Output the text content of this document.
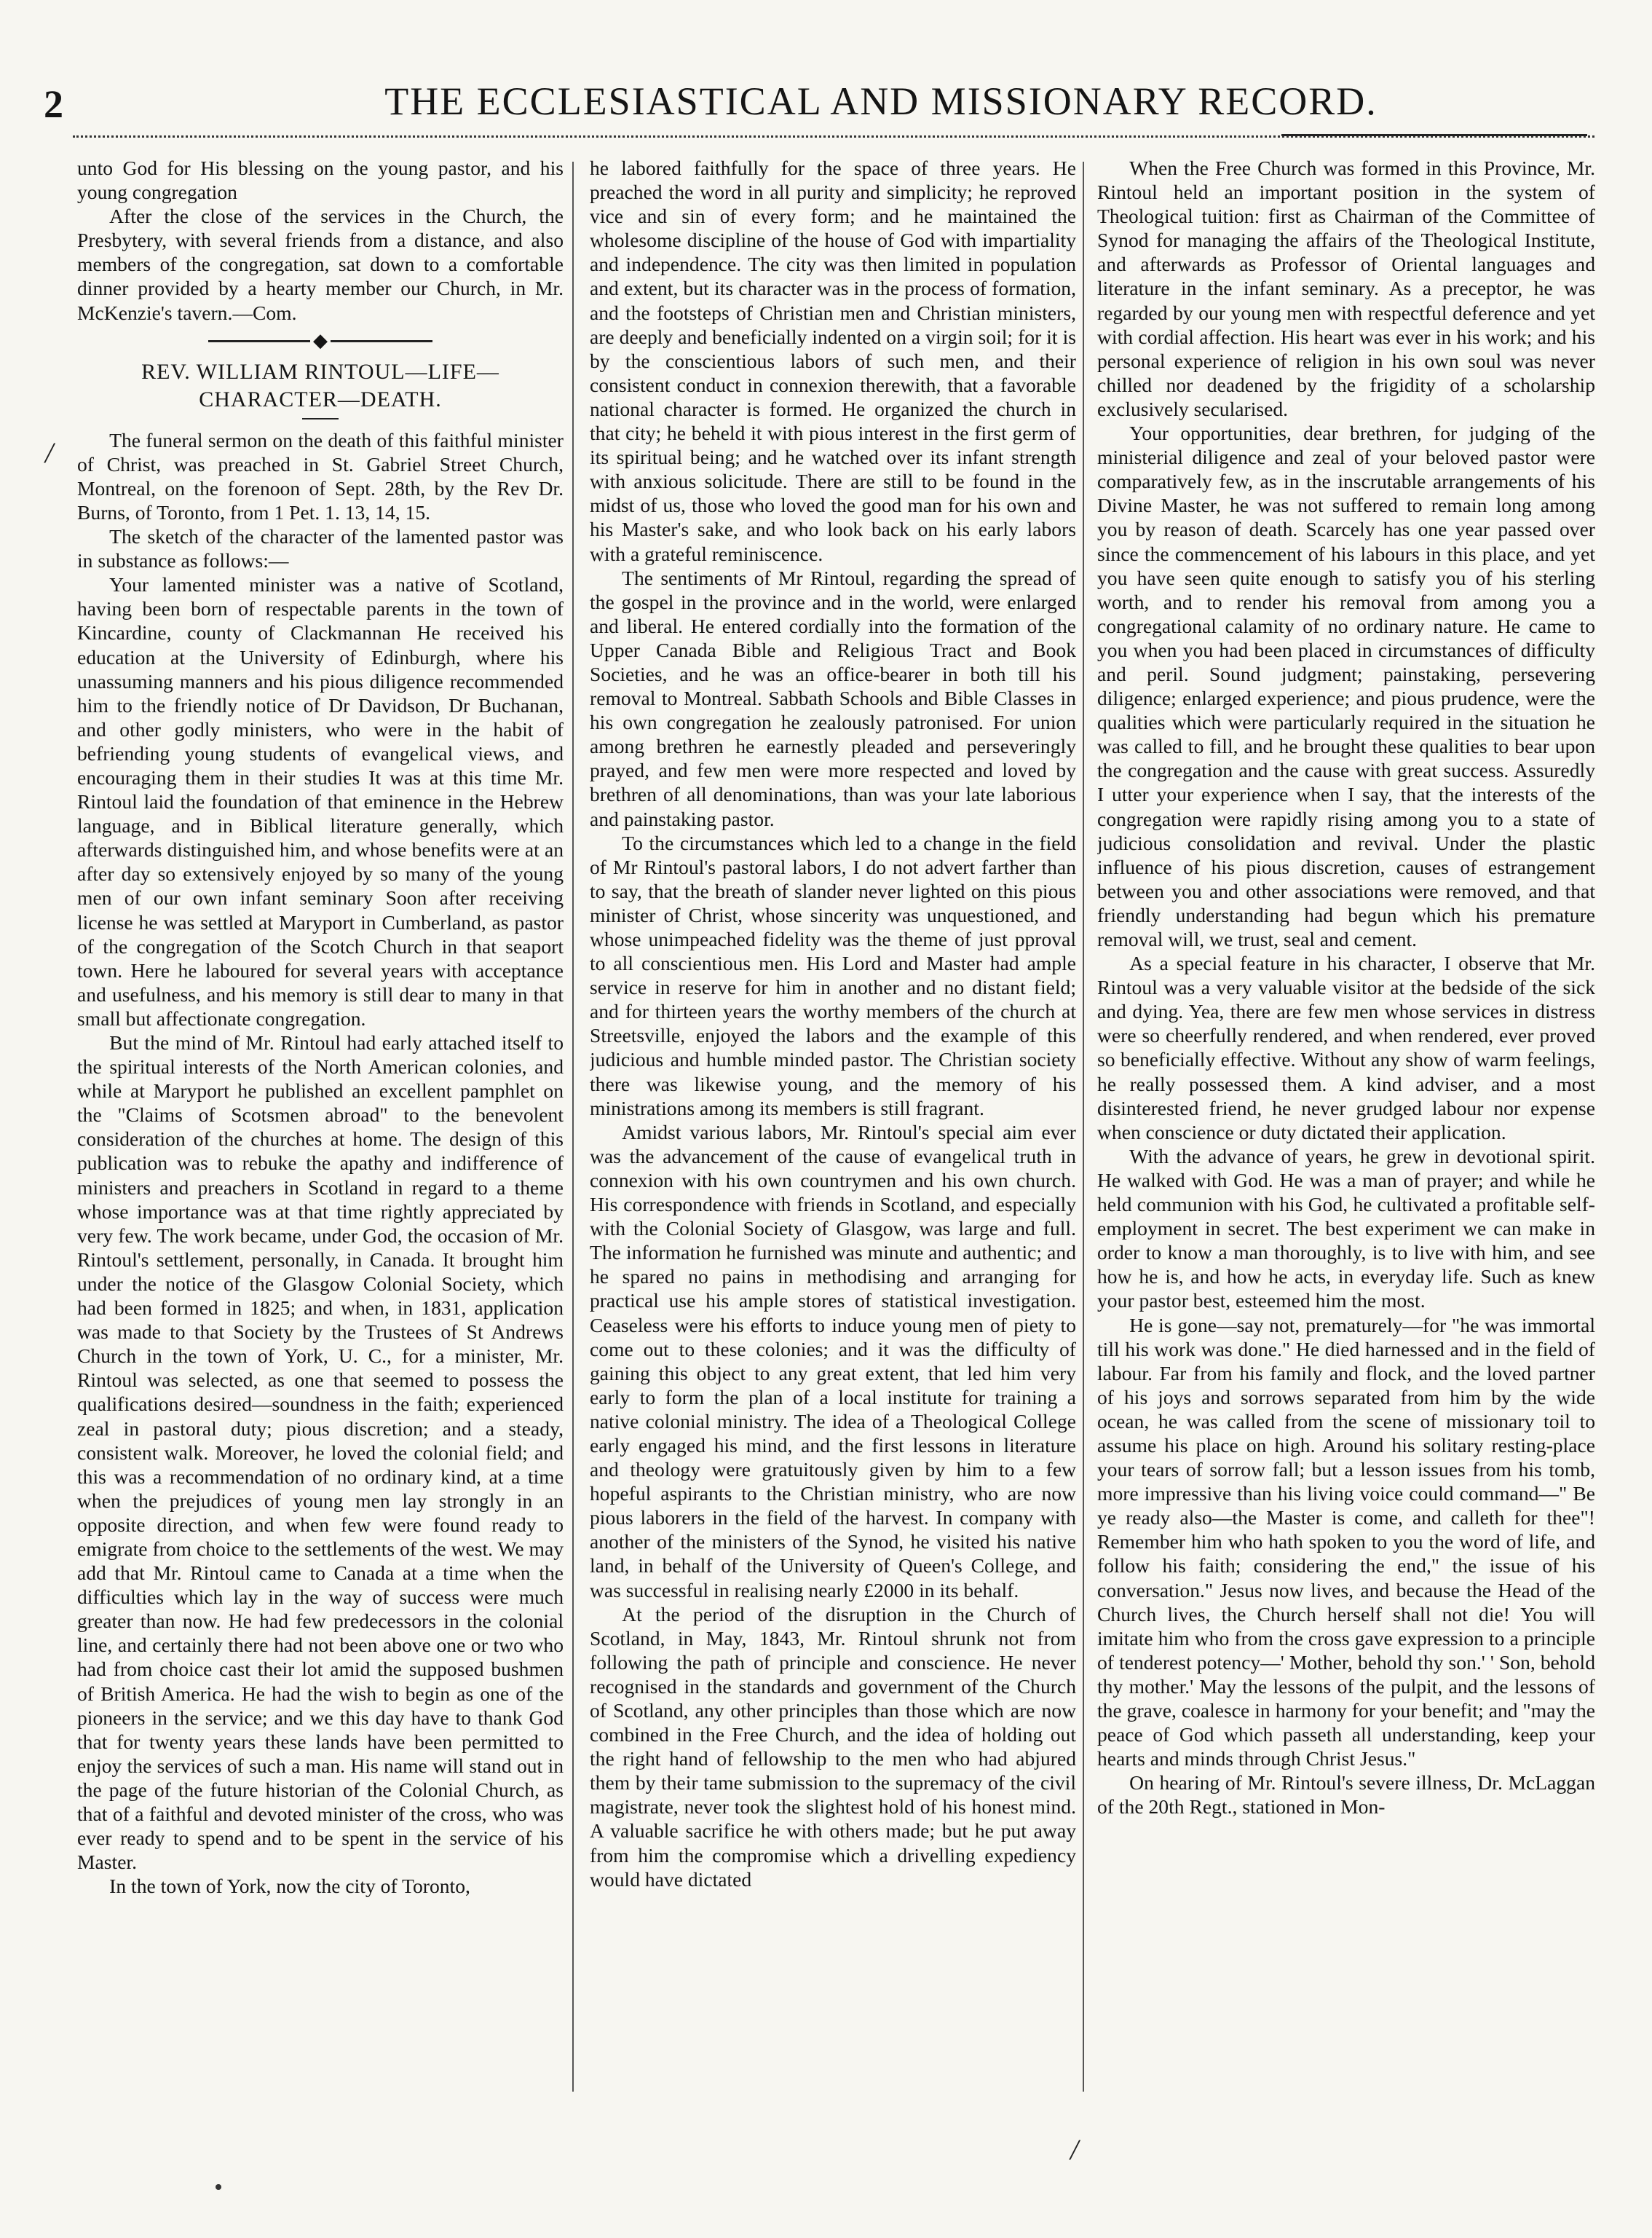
2	THE ECCLESIASTICAL AND MISSIONARY RECORD.
/
/

unto God for His blessing on the young pastor, and his young congregation

After the close of the services in the Church, the Presbytery, with several friends from a distance, and also members of the congregation, sat down to a comfortable dinner provided by a hearty member our Church, in Mr. McKenzie's tavern.—Com.

◆
REV. WILLIAM RINTOUL—LIFE—CHARACTER—DEATH.

The funeral sermon on the death of this faithful minister of Christ, was preached in St. Gabriel Street Church, Montreal, on the forenoon of Sept. 28th, by the Rev Dr. Burns, of Toronto, from 1 Pet. 1. 13, 14, 15.

The sketch of the character of the lamented pastor was in substance as follows:—

Your lamented minister was a native of Scotland, having been born of respectable parents in the town of Kincardine, county of Clackmannan He received his education at the University of Edinburgh, where his unassuming manners and his pious diligence recommended him to the friendly notice of Dr Davidson, Dr Buchanan, and other godly ministers, who were in the habit of befriending young students of evangelical views, and encouraging them in their studies It was at this time Mr. Rintoul laid the foundation of that eminence in the Hebrew language, and in Biblical literature generally, which afterwards distinguished him, and whose benefits were at an after day so extensively enjoyed by so many of the young men of our own infant seminary Soon after receiving license he was settled at Maryport in Cumberland, as pastor of the congregation of the Scotch Church in that seaport town. Here he laboured for several years with acceptance and usefulness, and his memory is still dear to many in that small but affectionate congregation.

But the mind of Mr. Rintoul had early attached itself to the spiritual interests of the North American colonies, and while at Maryport he published an excellent pamphlet on the "Claims of Scotsmen abroad" to the benevolent consideration of the churches at home. The design of this publication was to rebuke the apathy and indifference of ministers and preachers in Scotland in regard to a theme whose importance was at that time rightly appreciated by very few. The work became, under God, the occasion of Mr. Rintoul's settlement, personally, in Canada. It brought him under the notice of the Glasgow Colonial Society, which had been formed in 1825; and when, in 1831, application was made to that Society by the Trustees of St Andrews Church in the town of York, U. C., for a minister, Mr. Rintoul was selected, as one that seemed to possess the qualifications desired—soundness in the faith; experienced zeal in pastoral duty; pious discretion; and a steady, consistent walk. Moreover, he loved the colonial field; and this was a recommendation of no ordinary kind, at a time when the prejudices of young men lay strongly in an opposite direction, and when few were found ready to emigrate from choice to the settlements of the west. We may add that Mr. Rintoul came to Canada at a time when the difficulties which lay in the way of success were much greater than now. He had few predecessors in the colonial line, and certainly there had not been above one or two who had from choice cast their lot amid the supposed bushmen of British America. He had the wish to begin as one of the pioneers in the service; and we this day have to thank God that for twenty years these lands have been permitted to enjoy the services of such a man. His name will stand out in the page of the future historian of the Colonial Church, as that of a faithful and devoted minister of the cross, who was ever ready to spend and to be spent in the service of his Master.

In the town of York, now the city of Toronto,

he labored faithfully for the space of three years. He preached the word in all purity and simplicity; he reproved vice and sin of every form; and he maintained the wholesome discipline of the house of God with impartiality and independence. The city was then limited in population and extent, but its character was in the process of formation, and the footsteps of Christian men and Christian ministers, are deeply and beneficially indented on a virgin soil; for it is by the conscientious labors of such men, and their consistent conduct in connexion therewith, that a favorable national character is formed. He organized the church in that city; he beheld it with pious interest in the first germ of its spiritual being; and he watched over its infant strength with anxious solicitude. There are still to be found in the midst of us, those who loved the good man for his own and his Master's sake, and who look back on his early labors with a grateful reminiscence.

The sentiments of Mr Rintoul, regarding the spread of the gospel in the province and in the world, were enlarged and liberal. He entered cordially into the formation of the Upper Canada Bible and Religious Tract and Book Societies, and he was an office-bearer in both till his removal to Montreal. Sabbath Schools and Bible Classes in his own congregation he zealously patronised. For union among brethren he earnestly pleaded and perseveringly prayed, and few men were more respected and loved by brethren of all denominations, than was your late laborious and painstaking pastor.

To the circumstances which led to a change in the field of Mr Rintoul's pastoral labors, I do not advert farther than to say, that the breath of slander never lighted on this pious minister of Christ, whose sincerity was unquestioned, and whose unimpeached fidelity was the theme of just pproval to all conscientious men. His Lord and Master had ample service in reserve for him in another and no distant field; and for thirteen years the worthy members of the church at Streetsville, enjoyed the labors and the example of this judicious and humble minded pastor. The Christian society there was likewise young, and the memory of his ministrations among its members is still fragrant.

Amidst various labors, Mr. Rintoul's special aim ever was the advancement of the cause of evangelical truth in connexion with his own countrymen and his own church. His correspondence with friends in Scotland, and especially with the Colonial Society of Glasgow, was large and full. The information he furnished was minute and authentic; and he spared no pains in methodising and arranging for practical use his ample stores of statistical investigation. Ceaseless were his efforts to induce young men of piety to come out to these colonies; and it was the difficulty of gaining this object to any great extent, that led him very early to form the plan of a local institute for training a native colonial ministry. The idea of a Theological College early engaged his mind, and the first lessons in literature and theology were gratuitously given by him to a few hopeful aspirants to the Christian ministry, who are now pious laborers in the field of the harvest. In company with another of the ministers of the Synod, he visited his native land, in behalf of the University of Queen's College, and was successful in realising nearly £2000 in its behalf.

At the period of the disruption in the Church of Scotland, in May, 1843, Mr. Rintoul shrunk not from following the path of principle and conscience. He never recognised in the standards and government of the Church of Scotland, any other principles than those which are now combined in the Free Church, and the idea of holding out the right hand of fellowship to the men who had abjured them by their tame submission to the supremacy of the civil magistrate, never took the slightest hold of his honest mind. A valuable sacrifice he with others made; but he put away from him the compromise which a drivelling expediency would have dictated

When the Free Church was formed in this Province, Mr. Rintoul held an important position in the system of Theological tuition: first as Chairman of the Committee of Synod for managing the affairs of the Theological Institute, and afterwards as Professor of Oriental languages and literature in the infant seminary. As a preceptor, he was regarded by our young men with respectful deference and yet with cordial affection. His heart was ever in his work; and his personal experience of religion in his own soul was never chilled nor deadened by the frigidity of a scholarship exclusively secularised.

Your opportunities, dear brethren, for judging of the ministerial diligence and zeal of your beloved pastor were comparatively few, as in the inscrutable arrangements of his Divine Master, he was not suffered to remain long among you by reason of death. Scarcely has one year passed over since the commencement of his labours in this place, and yet you have seen quite enough to satisfy you of his sterling worth, and to render his removal from among you a congregational calamity of no ordinary nature. He came to you when you had been placed in circumstances of difficulty and peril. Sound judgment; painstaking, persevering diligence; enlarged experience; and pious prudence, were the qualities which were particularly required in the situation he was called to fill, and he brought these qualities to bear upon the congregation and the cause with great success. Assuredly I utter your experience when I say, that the interests of the congregation were rapidly rising among you to a state of judicious consolidation and revival. Under the plastic influence of his pious discretion, causes of estrangement between you and other associations were removed, and that friendly understanding had begun which his premature removal will, we trust, seal and cement.

As a special feature in his character, I observe that Mr. Rintoul was a very valuable visitor at the bedside of the sick and dying. Yea, there are few men whose services in distress were so cheerfully rendered, and when rendered, ever proved so beneficially effective. Without any show of warm feelings, he really possessed them. A kind adviser, and a most disinterested friend, he never grudged labour nor expense when conscience or duty dictated their application.

With the advance of years, he grew in devotional spirit. He walked with God. He was a man of prayer; and while he held communion with his God, he cultivated a profitable self-employment in secret. The best experiment we can make in order to know a man thoroughly, is to live with him, and see how he is, and how he acts, in everyday life. Such as knew your pastor best, esteemed him the most.

He is gone—say not, prematurely—for "he was immortal till his work was done." He died harnessed and in the field of labour. Far from his family and flock, and the loved partner of his joys and sorrows separated from him by the wide ocean, he was called from the scene of missionary toil to assume his place on high. Around his solitary resting-place your tears of sorrow fall; but a lesson issues from his tomb, more impressive than his living voice could command—" Be ye ready also—the Master is come, and calleth for thee"! Remember him who hath spoken to you the word of life, and follow his faith; considering the end," the issue of his conversation." Jesus now lives, and because the Head of the Church lives, the Church herself shall not die! You will imitate him who from the cross gave expression to a principle of tenderest potency—' Mother, behold thy son.' ' Son, behold thy mother.' May the lessons of the pulpit, and the lessons of the grave, coalesce in harmony for your benefit; and "may the peace of God which passeth all understanding, keep your hearts and minds through Christ Jesus."

On hearing of Mr. Rintoul's severe illness, Dr. McLaggan of the 20th Regt., stationed in Mon-
